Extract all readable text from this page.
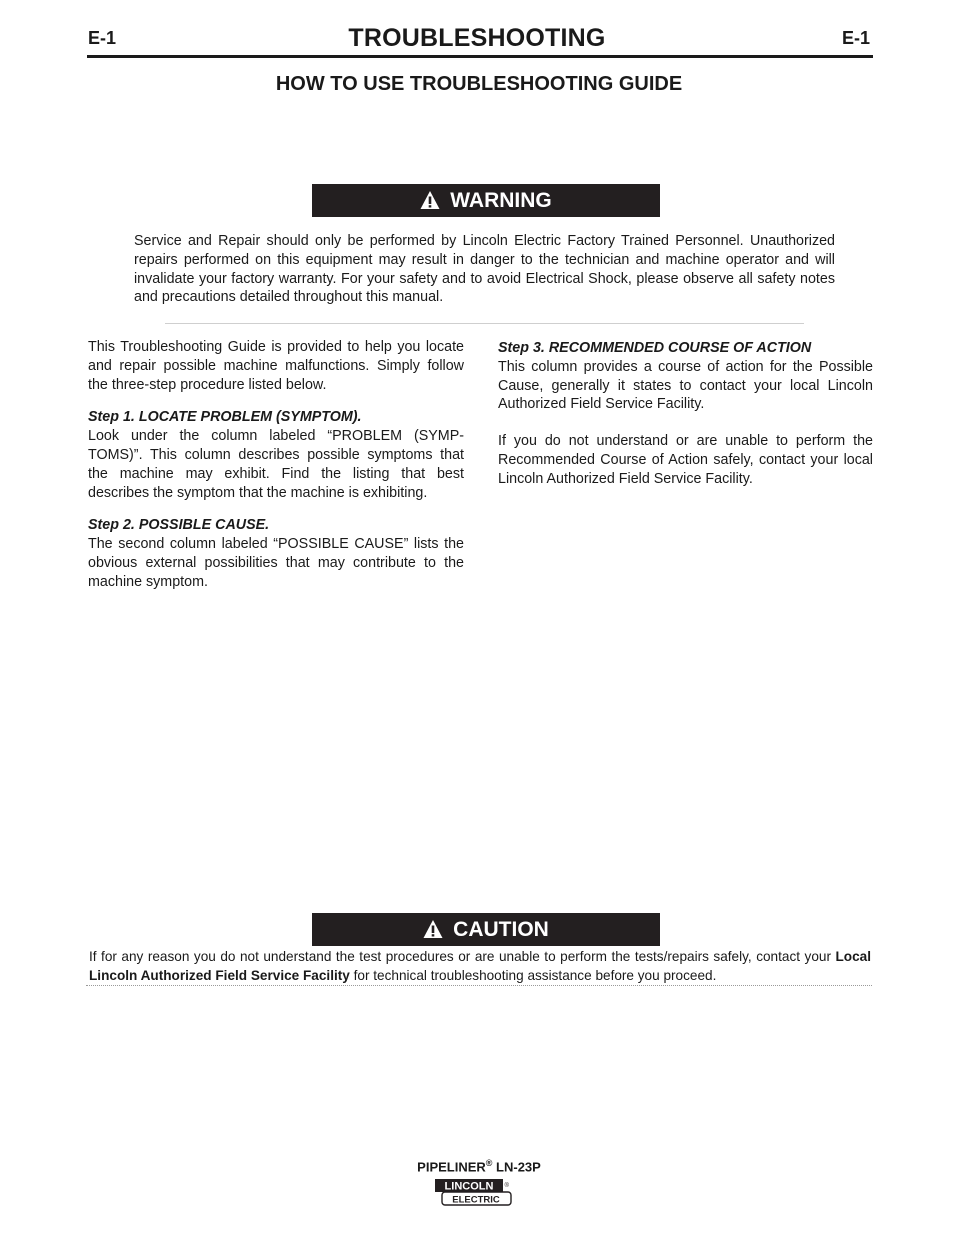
E-1	TROUBLESHOOTING	E-1
HOW TO USE TROUBLESHOOTING GUIDE
WARNING
Service and Repair should only be performed by Lincoln Electric Factory Trained Personnel. Unauthorized repairs performed on this equipment may result in danger to the technician and machine operator and will invalidate your factory warranty. For your safety and to avoid Electrical Shock, please observe all safety notes and precautions detailed throughout this manual.

This Troubleshooting Guide is provided to help you locate and repair possible machine malfunctions. Simply follow the three-step procedure listed below.

Step 1. LOCATE PROBLEM (SYMPTOM).

Look under the column labeled “PROBLEM (SYMP-TOMS)”. This column describes possible symptoms that the machine may exhibit. Find the listing that best describes the symptom that the machine is exhibiting.

Step 2. POSSIBLE CAUSE.

The second column labeled “POSSIBLE CAUSE” lists the obvious external possibilities that may contribute to the machine symptom.

Step 3. RECOMMENDED COURSE OF ACTION

This column provides a course of action for the Possible Cause, generally it states to contact your local Lincoln Authorized Field Service Facility.

If you do not understand or are unable to perform the Recommended Course of Action safely, contact your local Lincoln Authorized Field Service Facility.

CAUTION
If for any reason you do not understand the test procedures or are unable to perform the tests/repairs safely, contact your Local Lincoln Authorized Field Service Facility for technical troubleshooting assistance before you proceed.
PIPELINER® LN-23P
LINCOLN
ELECTRIC
®
